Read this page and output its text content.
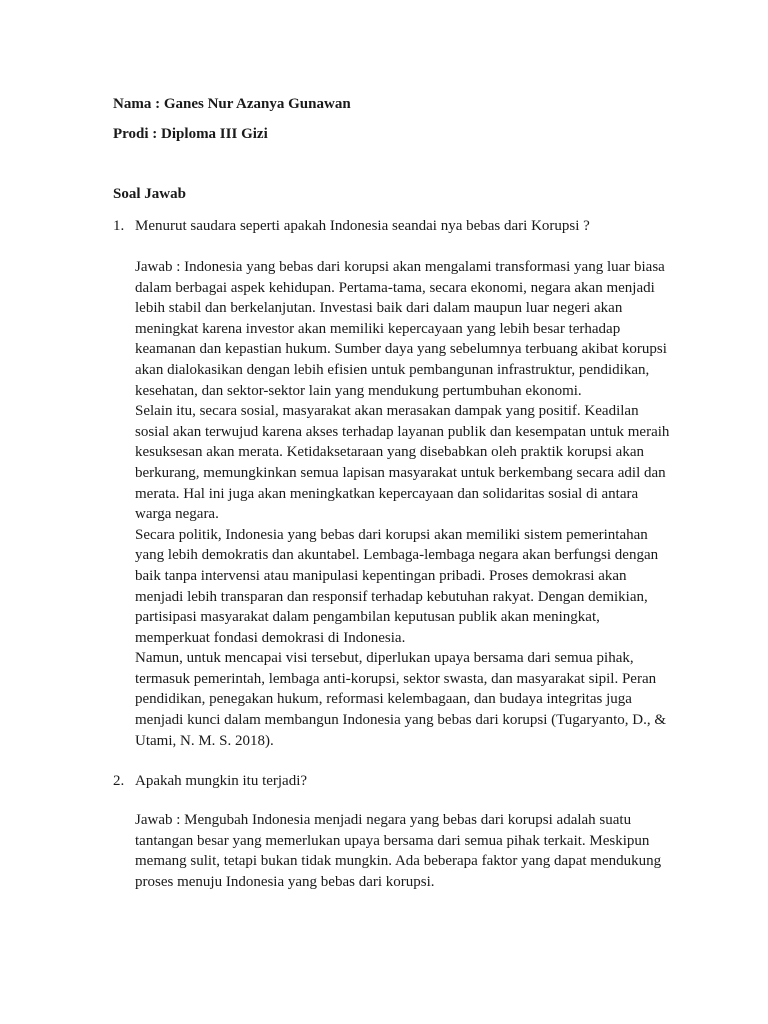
Nama : Ganes Nur Azanya Gunawan
Prodi : Diploma III Gizi
Soal Jawab
1. Menurut saudara seperti apakah Indonesia seandai nya bebas dari Korupsi ?
Jawab : Indonesia yang bebas dari korupsi akan mengalami transformasi yang luar biasa
dalam berbagai aspek kehidupan. Pertama-tama, secara ekonomi, negara akan menjadi
lebih stabil dan berkelanjutan. Investasi baik dari dalam maupun luar negeri akan
meningkat karena investor akan memiliki kepercayaan yang lebih besar terhadap
keamanan dan kepastian hukum. Sumber daya yang sebelumnya terbuang akibat korupsi
akan dialokasikan dengan lebih efisien untuk pembangunan infrastruktur, pendidikan,
kesehatan, dan sektor-sektor lain yang mendukung pertumbuhan ekonomi.
Selain itu, secara sosial, masyarakat akan merasakan dampak yang positif. Keadilan
sosial akan terwujud karena akses terhadap layanan publik dan kesempatan untuk meraih
kesuksesan akan merata. Ketidaksetaraan yang disebabkan oleh praktik korupsi akan
berkurang, memungkinkan semua lapisan masyarakat untuk berkembang secara adil dan
merata. Hal ini juga akan meningkatkan kepercayaan dan solidaritas sosial di antara
warga negara.
Secara politik, Indonesia yang bebas dari korupsi akan memiliki sistem pemerintahan
yang lebih demokratis dan akuntabel. Lembaga-lembaga negara akan berfungsi dengan
baik tanpa intervensi atau manipulasi kepentingan pribadi. Proses demokrasi akan
menjadi lebih transparan dan responsif terhadap kebutuhan rakyat. Dengan demikian,
partisipasi masyarakat dalam pengambilan keputusan publik akan meningkat,
memperkuat fondasi demokrasi di Indonesia.
Namun, untuk mencapai visi tersebut, diperlukan upaya bersama dari semua pihak,
termasuk pemerintah, lembaga anti-korupsi, sektor swasta, dan masyarakat sipil. Peran
pendidikan, penegakan hukum, reformasi kelembagaan, dan budaya integritas juga
menjadi kunci dalam membangun Indonesia yang bebas dari korupsi (Tugaryanto, D., &
Utami, N. M. S. 2018).
2. Apakah mungkin itu terjadi?
Jawab : Mengubah Indonesia menjadi negara yang bebas dari korupsi adalah suatu
tantangan besar yang memerlukan upaya bersama dari semua pihak terkait. Meskipun
memang sulit, tetapi bukan tidak mungkin. Ada beberapa faktor yang dapat mendukung
proses menuju Indonesia yang bebas dari korupsi.
